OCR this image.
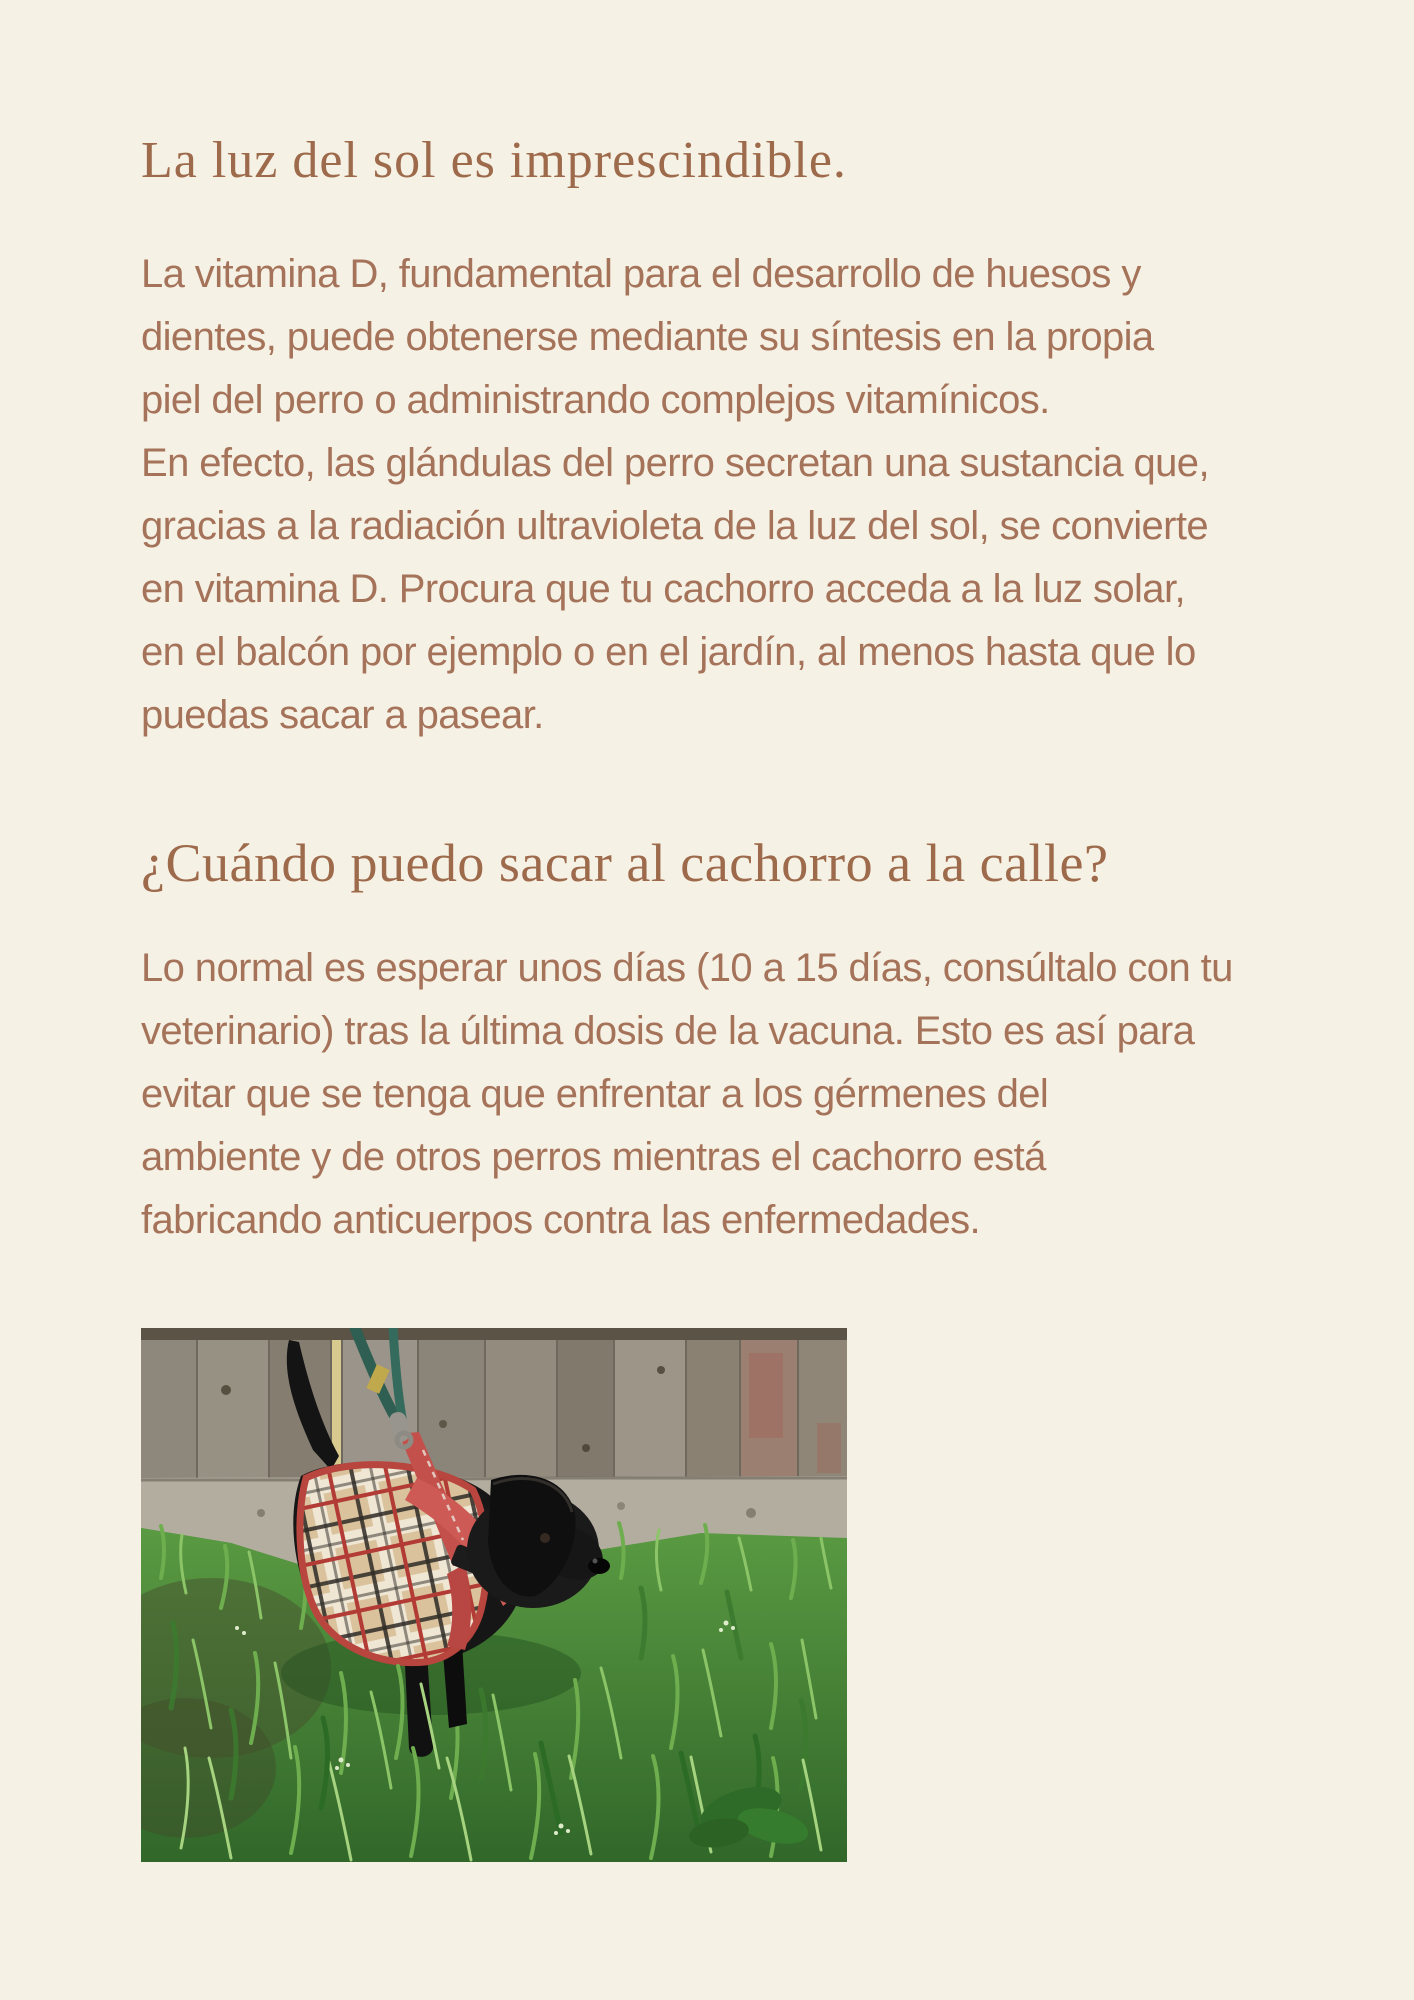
La luz del sol es imprescindible.
La vitamina D, fundamental para el desarrollo de huesos y
dientes, puede obtenerse mediante su síntesis en la propia
piel del perro o administrando complejos vitamínicos.
En efecto, las glándulas del perro secretan una sustancia que,
gracias a la radiación ultravioleta de la luz del sol, se convierte
en vitamina D. Procura que tu cachorro acceda a la luz solar,
en el balcón por ejemplo o en el jardín, al menos hasta que lo
puedas sacar a pasear.
¿Cuándo puedo sacar al cachorro a la calle?
Lo normal es esperar unos días (10 a 15 días, consúltalo con tu
veterinario) tras la última dosis de la vacuna. Esto es así para
evitar que se tenga que enfrentar a los gérmenes del
ambiente y de otros perros mientras el cachorro está
fabricando anticuerpos contra las enfermedades.
